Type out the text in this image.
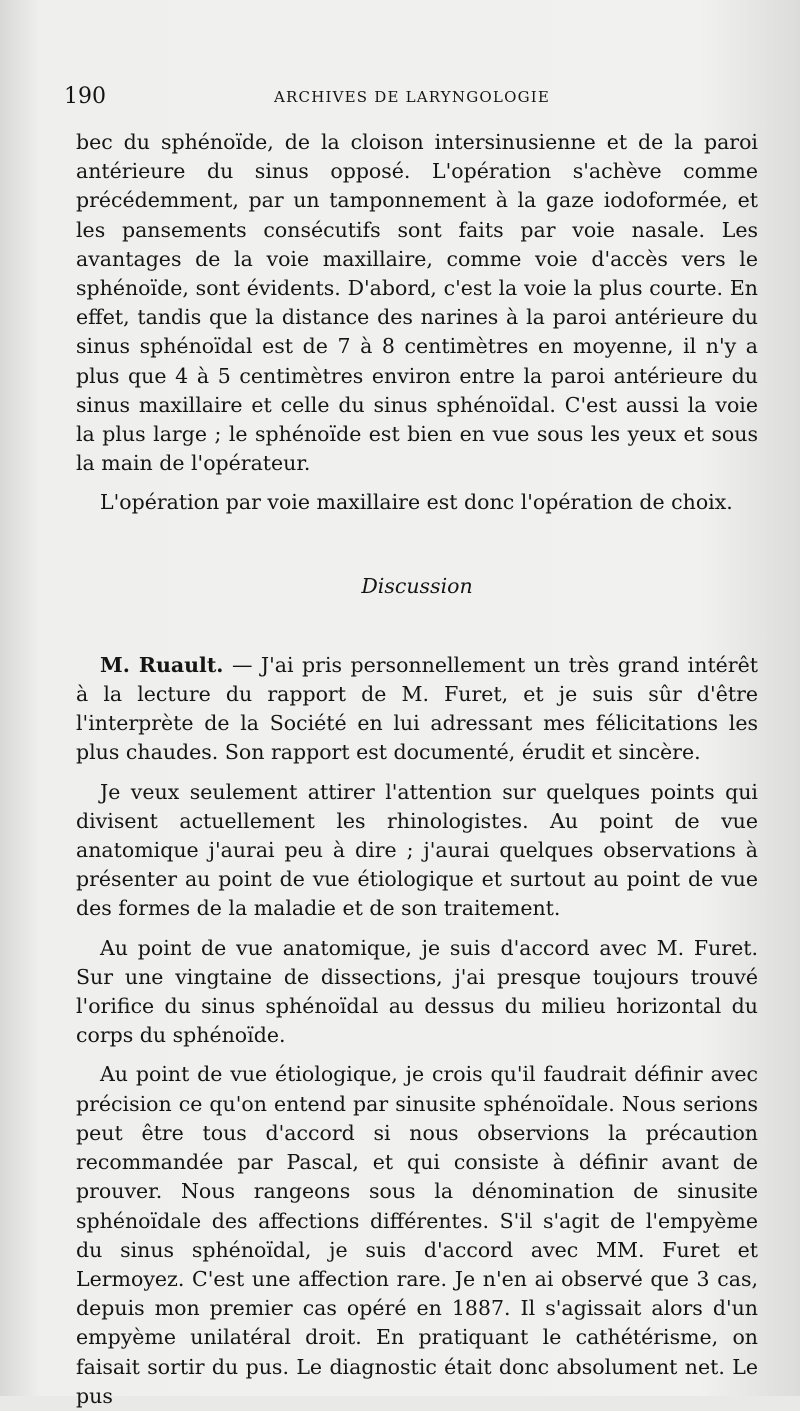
190	ARCHIVES DE LARYNGOLOGIE

bec du sphénoïde, de la cloison intersinusienne et de la paroi antérieure du sinus opposé. L'opération s'achève comme précédemment, par un tamponnement à la gaze iodoformée, et les pansements consécutifs sont faits par voie nasale. Les avantages de la voie maxillaire, comme voie d'accès vers le sphénoïde, sont évidents. D'abord, c'est la voie la plus courte. En effet, tandis que la distance des narines à la paroi antérieure du sinus sphénoïdal est de 7 à 8 centimètres en moyenne, il n'y a plus que 4 à 5 centimètres environ entre la paroi antérieure du sinus maxillaire et celle du sinus sphénoïdal. C'est aussi la voie la plus large ; le sphénoïde est bien en vue sous les yeux et sous la main de l'opérateur.

L'opération par voie maxillaire est donc l'opération de choix.

Discussion

M. Ruault. — J'ai pris personnellement un très grand intérêt à la lecture du rapport de M. Furet, et je suis sûr d'être l'interprète de la Société en lui adressant mes félicitations les plus chaudes. Son rapport est documenté, érudit et sincère.

Je veux seulement attirer l'attention sur quelques points qui divisent actuellement les rhinologistes. Au point de vue anatomique j'aurai peu à dire ; j'aurai quelques observations à présenter au point de vue étiologique et surtout au point de vue des formes de la maladie et de son traitement.

Au point de vue anatomique, je suis d'accord avec M. Furet. Sur une vingtaine de dissections, j'ai presque toujours trouvé l'orifice du sinus sphénoïdal au dessus du milieu horizontal du corps du sphénoïde.

Au point de vue étiologique, je crois qu'il faudrait définir avec précision ce qu'on entend par sinusite sphénoïdale. Nous serions peut être tous d'accord si nous observions la précaution recommandée par Pascal, et qui consiste à définir avant de prouver. Nous rangeons sous la dénomination de sinusite sphénoïdale des affections différentes. S'il s'agit de l'empyème du sinus sphénoïdal, je suis d'accord avec MM. Furet et Lermoyez. C'est une affection rare. Je n'en ai observé que 3 cas, depuis mon premier cas opéré en 1887. Il s'agissait alors d'un empyème unilatéral droit. En pratiquant le cathétérisme, on faisait sortir du pus. Le diagnostic était donc absolument net. Le pus
